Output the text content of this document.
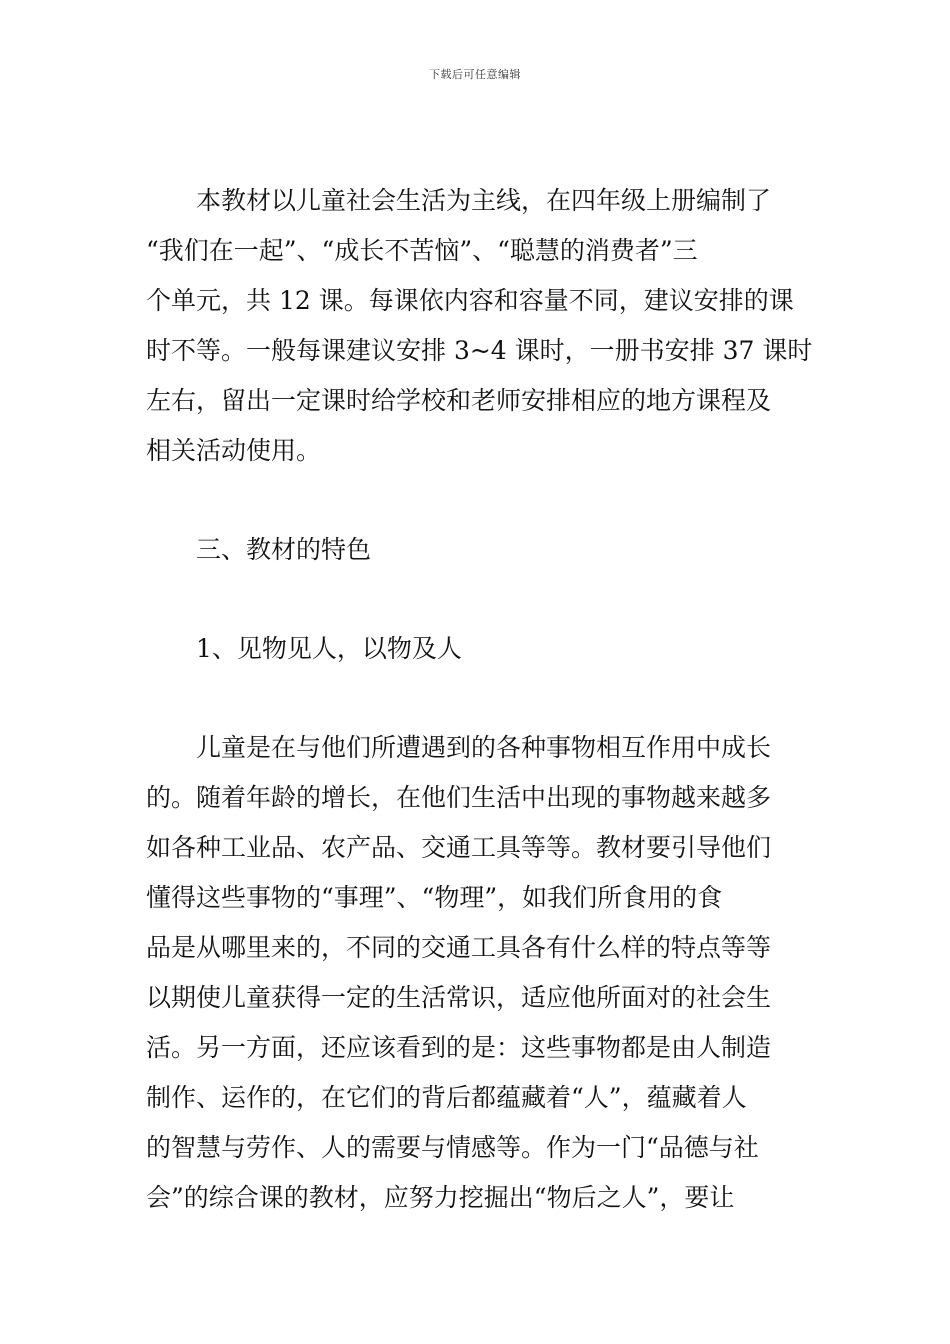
下载后可任意编辑
本教材以儿童社会生活为主线，在四年级上册编制了
“我们在一起”、“成长不苦恼”、“聪慧的消费者”三
个单元，共 12 课。每课依内容和容量不同，建议安排的课
时不等。一般每课建议安排 3~4 课时，一册书安排 37 课时
左右，留出一定课时给学校和老师安排相应的地方课程及
相关活动使用。
三、教材的特色
1、见物见人，以物及人
儿童是在与他们所遭遇到的各种事物相互作用中成长
的。随着年龄的增长，在他们生活中出现的事物越来越多
如各种工业品、农产品、交通工具等等。教材要引导他们
懂得这些事物的“事理”、“物理”，如我们所食用的食
品是从哪里来的，不同的交通工具各有什么样的特点等等
以期使儿童获得一定的生活常识，适应他所面对的社会生
活。另一方面，还应该看到的是：这些事物都是由人制造
制作、运作的，在它们的背后都蕴藏着“人”，蕴藏着人
的智慧与劳作、人的需要与情感等。作为一门“品德与社
会”的综合课的教材，应努力挖掘出“物后之人”，要让
